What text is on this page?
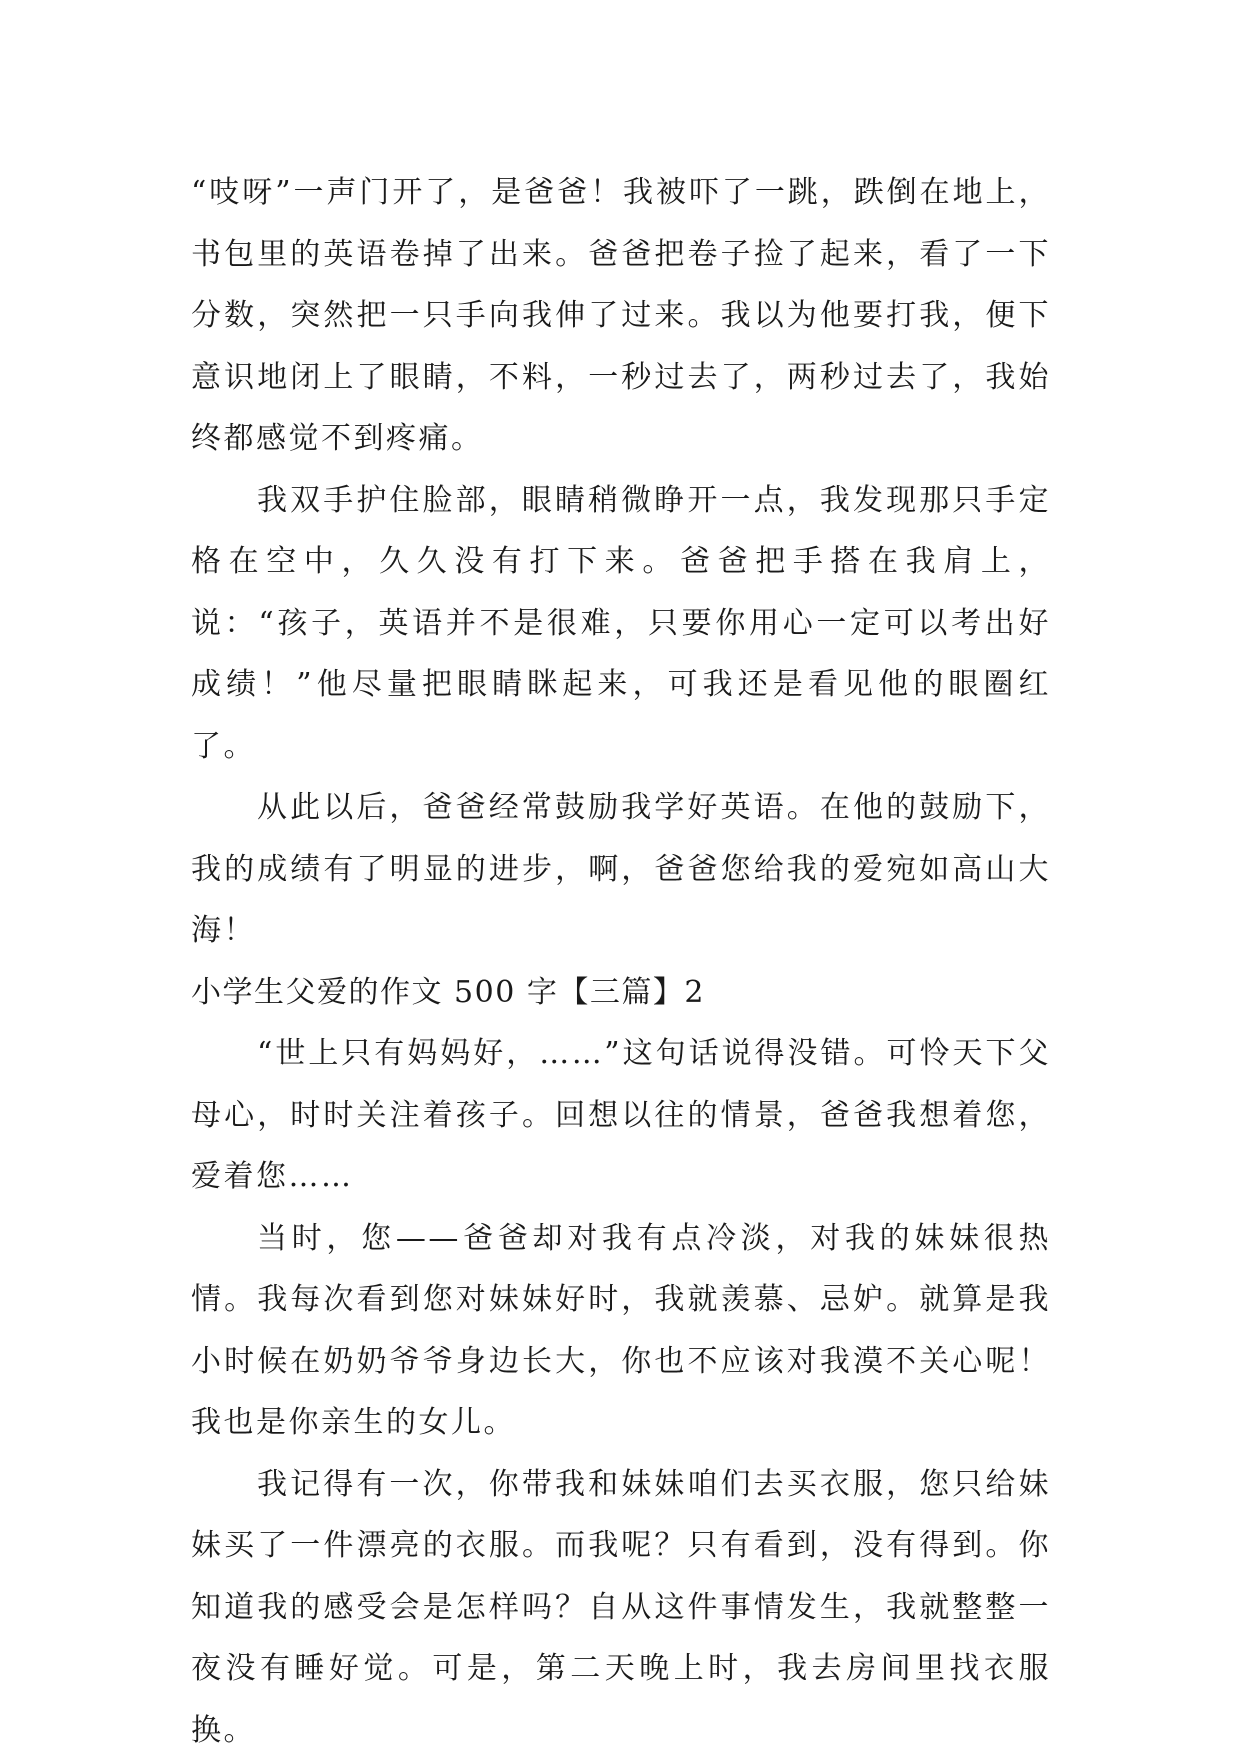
“吱呀”一声门开了，是爸爸！我被吓了一跳，跌倒在地上，书包里的英语卷掉了出来。爸爸把卷子捡了起来，看了一下分数，突然把一只手向我伸了过来。我以为他要打我，便下意识地闭上了眼睛，不料，一秒过去了，两秒过去了，我始终都感觉不到疼痛。

我双手护住脸部，眼睛稍微睁开一点，我发现那只手定格在空中，久久没有打下来。爸爸把手搭在我肩上，说：“孩子，英语并不是很难，只要你用心一定可以考出好成绩！”他尽量把眼睛眯起来，可我还是看见他的眼圈红了。

从此以后，爸爸经常鼓励我学好英语。在他的鼓励下，我的成绩有了明显的进步，啊，爸爸您给我的爱宛如高山大海！

小学生父爱的作文 500 字【三篇】2

“世上只有妈妈好，……”这句话说得没错。可怜天下父母心，时时关注着孩子。回想以往的情景，爸爸我想着您，爱着您……

当时，您——爸爸却对我有点冷淡，对我的妹妹很热情。我每次看到您对妹妹好时，我就羡慕、忌妒。就算是我小时候在奶奶爷爷身边长大，你也不应该对我漠不关心呢！我也是你亲生的女儿。

我记得有一次，你带我和妹妹咱们去买衣服，您只给妹妹买了一件漂亮的衣服。而我呢？只有看到，没有得到。你知道我的感受会是怎样吗？自从这件事情发生，我就整整一夜没有睡好觉。可是，第二天晚上时，我去房间里找衣服换。
